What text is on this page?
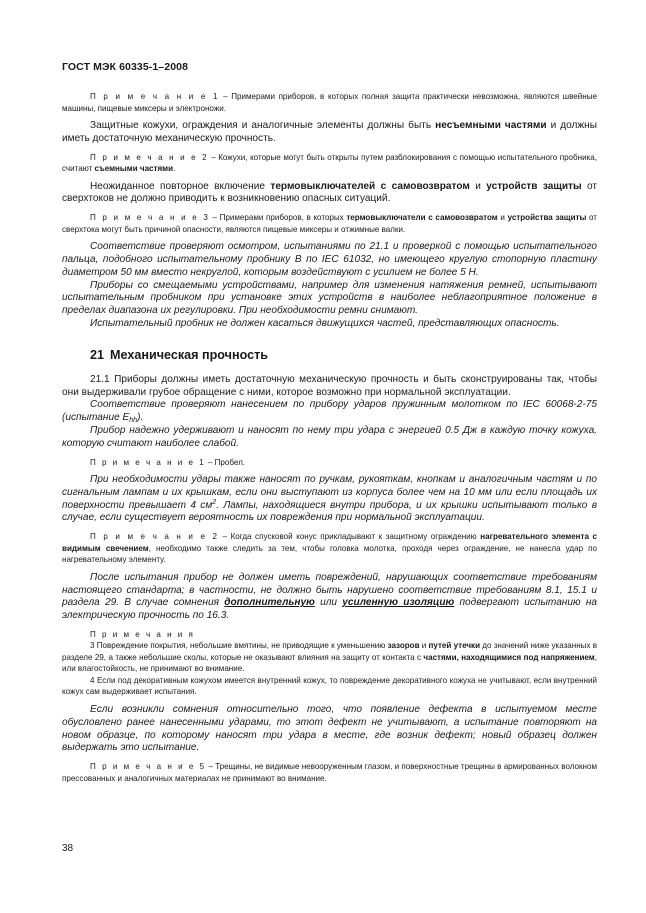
ГОСТ МЭК 60335-1–2008

П р и м е ч а н и е 1 – Примерами приборов, в которых полная защита практически невозможна, являются швейные машины, пищевые миксеры и электроножи.

Защитные кожухи, ограждения и аналогичные элементы должны быть несъемными частями и должны иметь достаточную механическую прочность.

П р и м е ч а н и е 2 – Кожухи, которые могут быть открыты путем разблокирования с помощью испытательного пробника, считают съемными частями.

Неожиданное повторное включение термовыключателей с самовозвратом и устройств защиты от сверхтоков не должно приводить к возникновению опасных ситуаций.

П р и м е ч а н и е 3 – Примерами приборов, в которых термовыключатели с самовозвратом и устройства защиты от сверхтока могут быть причиной опасности, являются пищевые миксеры и отжимные валки.

Соответствие проверяют осмотром, испытаниями по 21.1 и проверкой с помощью испытательного пальца, подобного испытательному пробнику B по IEC 61032, но имеющего круглую стопорную пластину диаметром 50 мм вместо некруглой, которым воздействуют с усилием не более 5 Н.

Приборы со смещаемыми устройствами, например для изменения натяжения ремней, испытывают испытательным пробником при установке этих устройств в наиболее неблагоприятное положение в пределах диапазона их регулировки. При необходимости ремни снимают.

Испытательный пробник не должен касаться движущихся частей, представляющих опасность.

21 Механическая прочность

21.1 Приборы должны иметь достаточную механическую прочность и быть сконструированы так, чтобы они выдерживали грубое обращение с ними, которое возможно при нормальной эксплуатации.

Соответствие проверяют нанесением по прибору ударов пружинным молотком по IEC 60068-2-75 (испытание $E_{hh}$).

Прибор надежно удерживают и наносят по нему три удара с энергией 0.5 Дж в каждую точку кожуха, которую считают наиболее слабой.

П р и м е ч а н и е 1 – Пробел.

При необходимости удары также наносят по ручкам, рукояткам, кнопкам и аналогичным частям и по сигнальным лампам и их крышкам, если они выступают из корпуса более чем на 10 мм или если площадь их поверхности превышает 4 $см^2$. Лампы, находящиеся внутри прибора, и их крышки испытывают только в случае, если существует вероятность их повреждения при нормальной эксплуатации.

П р и м е ч а н и е 2 – Когда спусковой конус прикладывают к защитному ограждению нагревательного элемента с видимым свечением, необходимо также следить за тем, чтобы головка молотка, проходя через ограждение, не нанесла удар по нагревательному элементу.

После испытания прибор не должен иметь повреждений, нарушающих соответствие требованиям настоящего стандарта; в частности, не должно быть нарушено соответствие требованиям 8.1, 15.1 и раздела 29. В случае сомнения дополнительную или усиленную изоляцию подвергают испытанию на электрическую прочность по 16.3.

П р и м е ч а н и я

3 Повреждение покрытия, небольшие вмятины, не приводящие к уменьшению зазоров и путей утечки до значений ниже указанных в разделе 29, а также небольшие сколы, которые не оказывают влияния на защиту от контакта с частями, находящимися под напряжением, или влагостойкость, не принимают во внимание.

4 Если под декоративным кожухом имеется внутренний кожух, то повреждение декоративного кожуха не учитывают, если внутренний кожух сам выдерживает испытания.

Если возникли сомнения относительно того, что появление дефекта в испытуемом месте обусловлено ранее нанесенными ударами, то этот дефект не учитывают, а испытание повторяют на новом образце, по которому наносят три удара в месте, где возник дефект; новый образец должен выдержать это испытание.

П р и м е ч а н и е 5 – Трещины, не видимые невооруженным глазом, и поверхностные трещины в армированных волокном прессованных и аналогичных материалах не принимают во внимание.

38
